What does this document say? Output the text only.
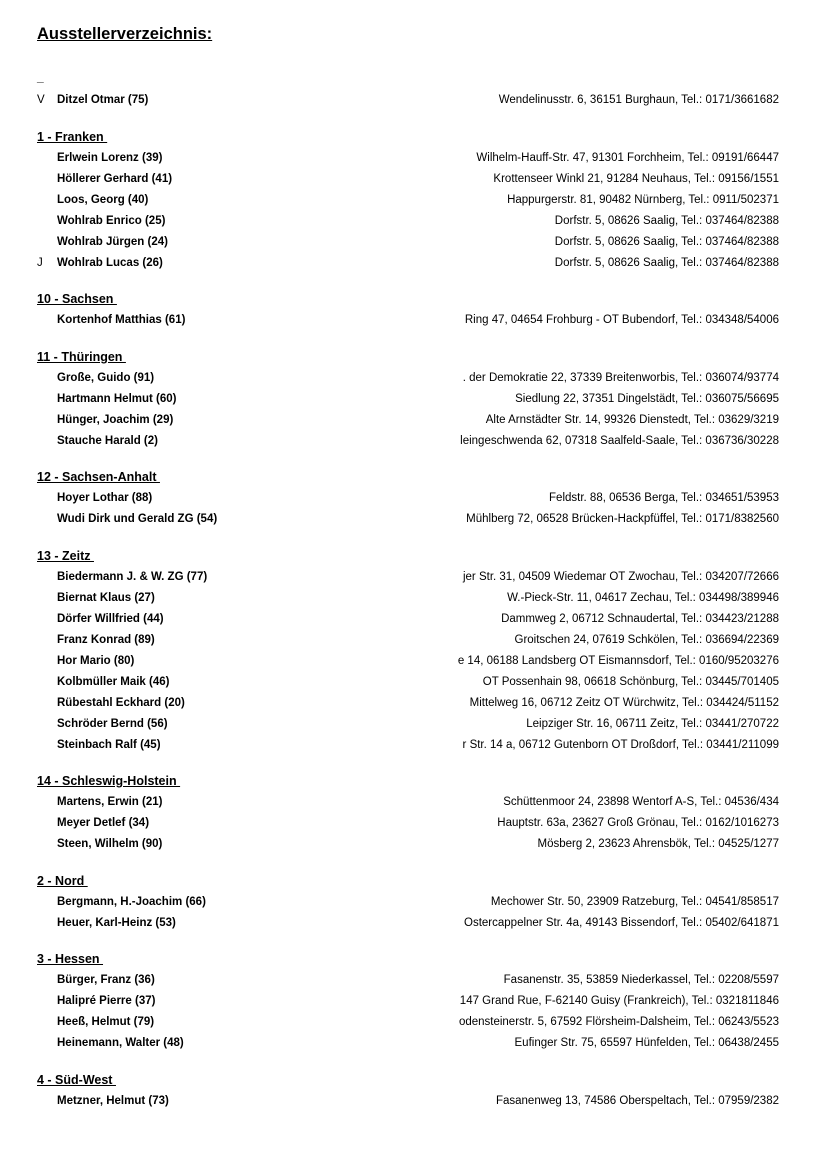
Ausstellerverzeichnis:
_
V	Ditzel Otmar (75)	Wendelinusstr. 6, 36151 Burghaun, Tel.: 0171/3661682
1 - Franken
Erlwein Lorenz (39)	Wilhelm-Hauff-Str. 47, 91301 Forchheim, Tel.: 09191/66447
Höllerer Gerhard (41)	Krottenseer Winkl 21, 91284 Neuhaus, Tel.: 09156/1551
Loos, Georg (40)	Happurgerstr. 81, 90482 Nürnberg, Tel.: 0911/502371
Wohlrab Enrico (25)	Dorfstr. 5, 08626 Saalig, Tel.: 037464/82388
Wohlrab Jürgen (24)	Dorfstr. 5, 08626 Saalig, Tel.: 037464/82388
J	Wohlrab Lucas (26)	Dorfstr. 5, 08626 Saalig, Tel.: 037464/82388
10 - Sachsen
Kortenhof Matthias (61)	Ring 47, 04654 Frohburg - OT Bubendorf, Tel.: 034348/54006
11 - Thüringen
Große, Guido (91)	. der Demokratie 22, 37339 Breitenworbis, Tel.: 036074/93774
Hartmann Helmut (60)	Siedlung 22, 37351 Dingelstädt, Tel.: 036075/56695
Hünger, Joachim (29)	Alte Arnstädter Str. 14, 99326 Dienstedt, Tel.: 03629/3219
Stauche Harald (2)	leingeschwenda 62, 07318 Saalfeld-Saale, Tel.: 036736/30228
12 - Sachsen-Anhalt
Hoyer Lothar (88)	Feldstr. 88, 06536 Berga, Tel.: 034651/53953
Wudi Dirk und Gerald ZG (54)	Mühlberg 72, 06528 Brücken-Hackpfüffel, Tel.: 0171/8382560
13 - Zeitz
Biedermann J. & W. ZG (77)	jer Str. 31, 04509 Wiedemar OT Zwochau, Tel.: 034207/72666
Biernat Klaus (27)	W.-Pieck-Str. 11, 04617 Zechau, Tel.: 034498/389946
Dörfer Willfried (44)	Dammweg 2, 06712 Schnaudertal, Tel.: 034423/21288
Franz Konrad (89)	Groitschen 24, 07619 Schkölen, Tel.: 036694/22369
Hor Mario (80)	e 14, 06188 Landsberg OT Eismannsdorf, Tel.: 0160/95203276
Kolbmüller Maik (46)	OT Possenhain 98, 06618 Schönburg, Tel.: 03445/701405
Rübestahl Eckhard (20)	Mittelweg 16, 06712 Zeitz OT Würchwitz, Tel.: 034424/51152
Schröder Bernd (56)	Leipziger Str. 16, 06711 Zeitz, Tel.: 03441/270722
Steinbach Ralf (45)	r Str. 14 a, 06712 Gutenborn OT Droßdorf, Tel.: 03441/211099
14 - Schleswig-Holstein
Martens, Erwin (21)	Schüttenmoor 24, 23898 Wentorf A-S, Tel.: 04536/434
Meyer Detlef (34)	Hauptstr. 63a, 23627 Groß Grönau, Tel.: 0162/1016273
Steen, Wilhelm (90)	Mösberg 2, 23623 Ahrensbök, Tel.: 04525/1277
2 - Nord
Bergmann, H.-Joachim (66)	Mechower Str. 50, 23909 Ratzeburg, Tel.: 04541/858517
Heuer, Karl-Heinz (53)	Ostercappelner Str. 4a, 49143 Bissendorf, Tel.: 05402/641871
3 - Hessen
Bürger, Franz (36)	Fasanenstr. 35, 53859 Niederkassel, Tel.: 02208/5597
Halipré Pierre (37)	147 Grand Rue, F-62140 Guisy (Frankreich), Tel.: 0321811846
Heeß, Helmut (79)	odensteinerstr. 5, 67592 Flörsheim-Dalsheim, Tel.: 06243/5523
Heinemann, Walter (48)	Eufinger Str. 75, 65597 Hünfelden, Tel.: 06438/2455
4 - Süd-West
Metzner, Helmut (73)	Fasanenweg 13, 74586 Oberspeltach, Tel.: 07959/2382
